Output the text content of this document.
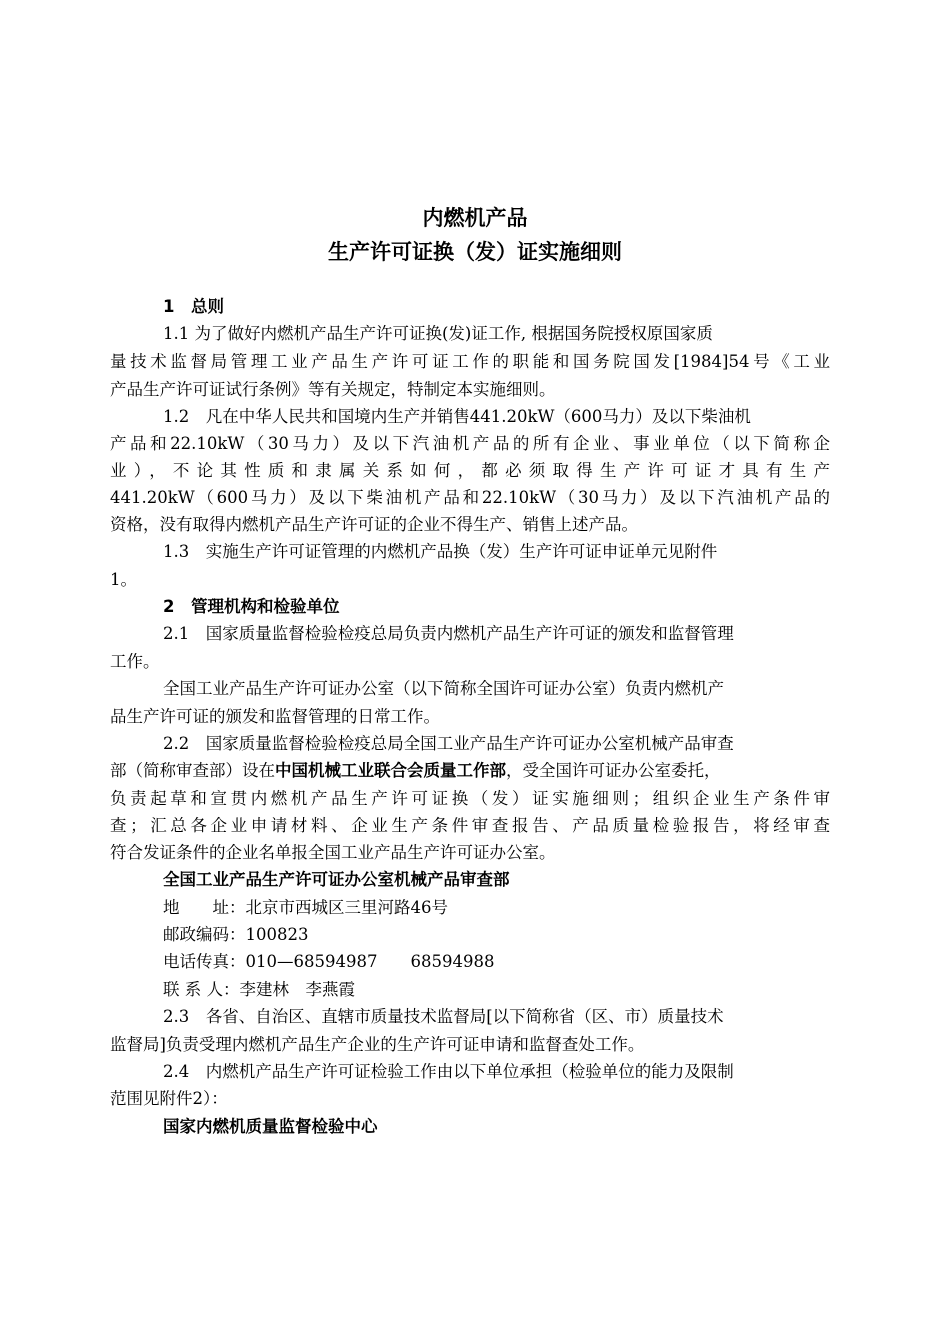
内燃机产品
生产许可证换（发）证实施细则
1　总则
1.1 为了做好内燃机产品生产许可证换(发)证工作, 根据国务院授权原国家质
量技术监督局管理工业产品生产许可证工作的职能和国务院国发[1984]54号《工业
产品生产许可证试行条例》等有关规定，特制定本实施细则。
1.2　凡在中华人民共和国境内生产并销售441.20kW（600马力）及以下柴油机
产品和22.10kW（30马力）及以下汽油机产品的所有企业、事业单位（以下简称企
业），不论其性质和隶属关系如何，都必须取得生产许可证才具有生产
441.20kW（600马力）及以下柴油机产品和22.10kW（30马力）及以下汽油机产品的
资格，没有取得内燃机产品生产许可证的企业不得生产、销售上述产品。
1.3　实施生产许可证管理的内燃机产品换（发）生产许可证申证单元见附件
1。
2　管理机构和检验单位
2.1　国家质量监督检验检疫总局负责内燃机产品生产许可证的颁发和监督管理
工作。
全国工业产品生产许可证办公室（以下简称全国许可证办公室）负责内燃机产
品生产许可证的颁发和监督管理的日常工作。
2.2　国家质量监督检验检疫总局全国工业产品生产许可证办公室机械产品审查
部（简称审查部）设在中国机械工业联合会质量工作部，受全国许可证办公室委托，
负责起草和宣贯内燃机产品生产许可证换（发）证实施细则；组织企业生产条件审
查；汇总各企业申请材料、企业生产条件审查报告、产品质量检验报告，将经审查
符合发证条件的企业名单报全国工业产品生产许可证办公室。
全国工业产品生产许可证办公室机械产品审查部
地　　址：北京市西城区三里河路46号
邮政编码：100823
电话传真：010—68594987　　68594988
联 系 人：李建林　李燕霞
2.3　各省、自治区、直辖市质量技术监督局[以下简称省（区、市）质量技术
监督局]负责受理内燃机产品生产企业的生产许可证申请和监督查处工作。
2.4　内燃机产品生产许可证检验工作由以下单位承担（检验单位的能力及限制
范围见附件2）：
国家内燃机质量监督检验中心
